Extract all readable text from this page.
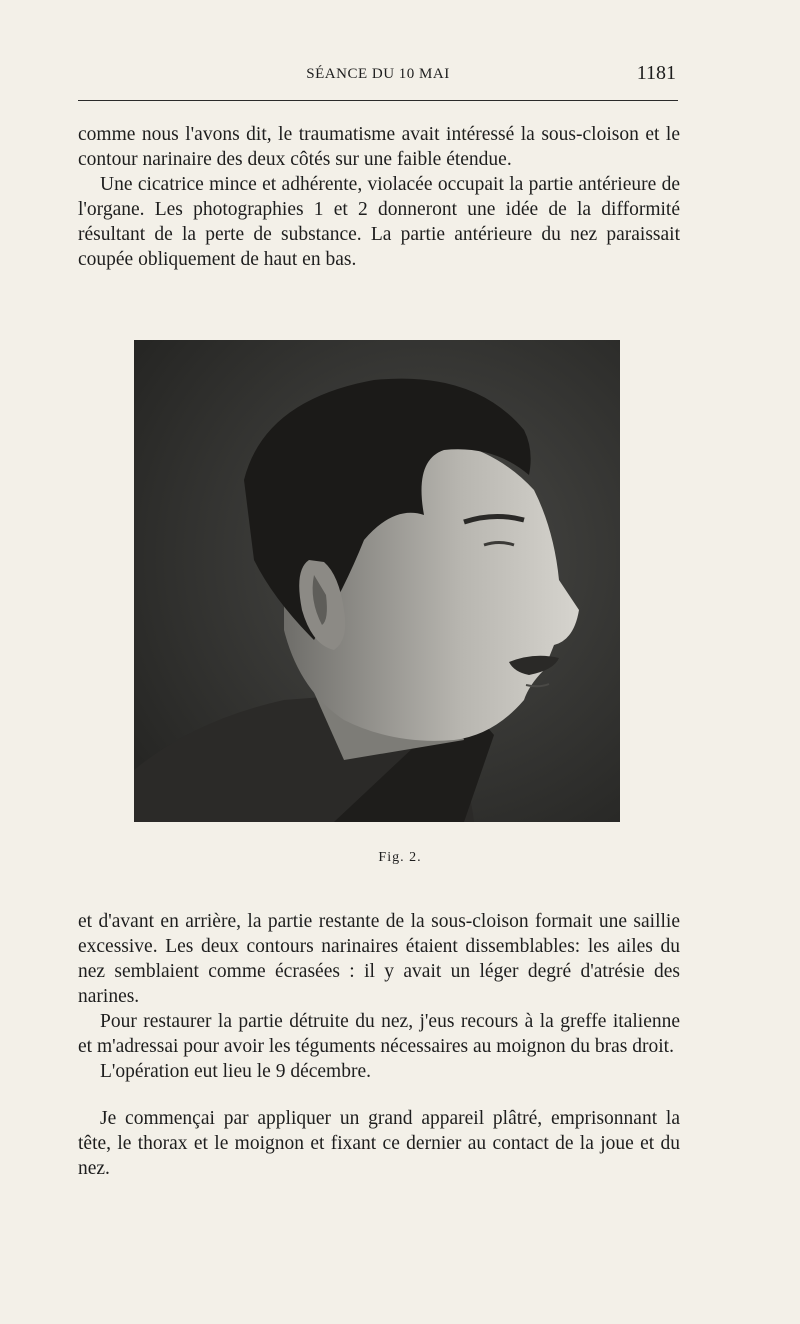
SÉANCE DU 10 MAI	1181

comme nous l'avons dit, le traumatisme avait intéressé la sous-cloison et le contour narinaire des deux côtés sur une faible étendue.

Une cicatrice mince et adhérente, violacée occupait la partie antérieure de l'organe. Les photographies 1 et 2 donneront une idée de la difformité résultant de la perte de substance. La partie antérieure du nez paraissait coupée obliquement de haut en bas.

Fig. 2.

et d'avant en arrière, la partie restante de la sous-cloison formait une saillie excessive. Les deux contours narinaires étaient dissemblables: les ailes du nez semblaient comme écrasées : il y avait un léger degré d'atrésie des narines.

Pour restaurer la partie détruite du nez, j'eus recours à la greffe italienne et m'adressai pour avoir les téguments nécessaires au moignon du bras droit.

L'opération eut lieu le 9 décembre.

Je commençai par appliquer un grand appareil plâtré, emprisonnant la tête, le thorax et le moignon et fixant ce dernier au contact de la joue et du nez.
